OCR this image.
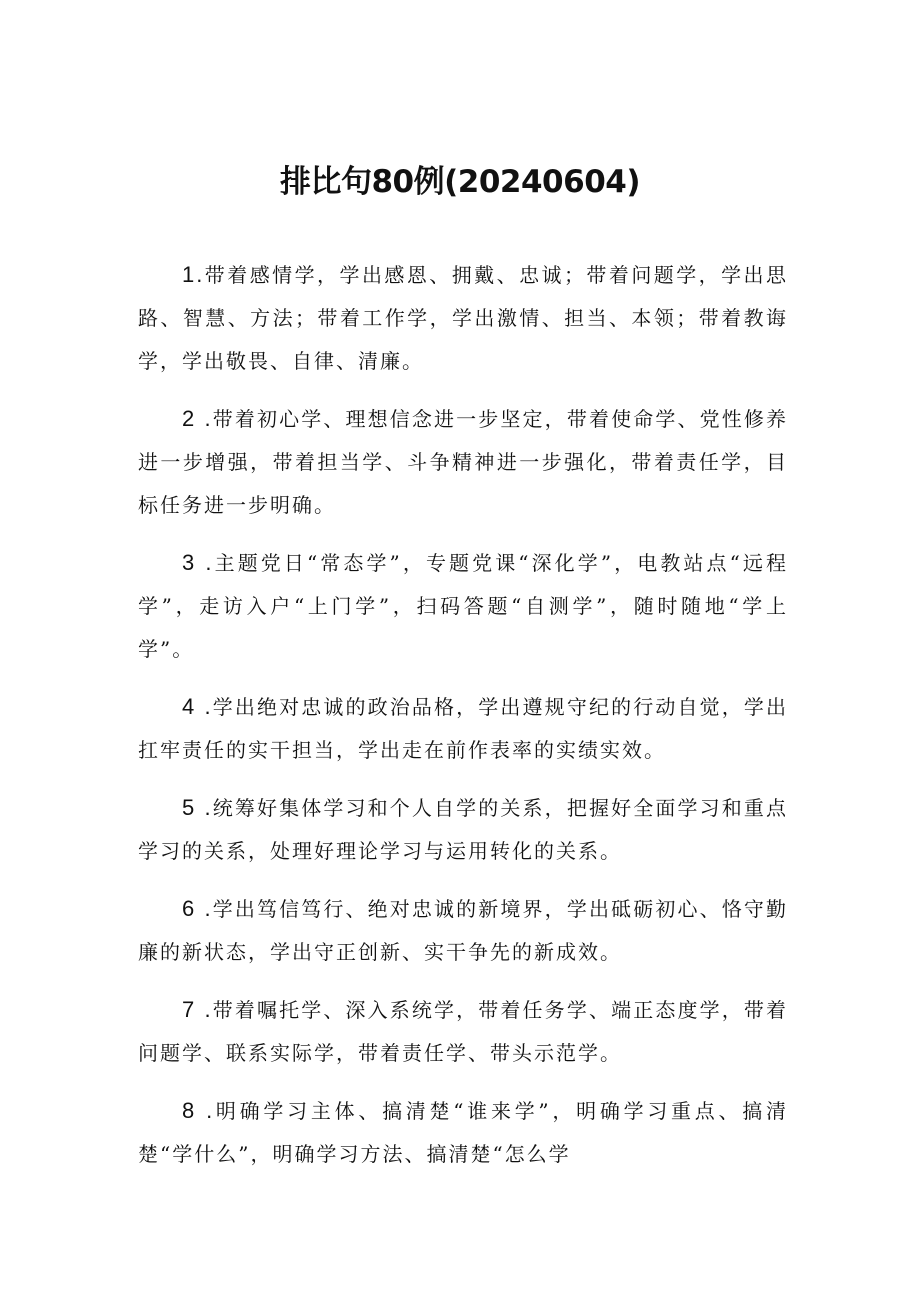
排比句80例(20240604)

1.带着感情学，学出感恩、拥戴、忠诚；带着问题学，学出思路、智慧、方法；带着工作学，学出激情、担当、本领；带着教诲学，学出敬畏、自律、清廉。

2 .带着初心学、理想信念进一步坚定，带着使命学、党性修养进一步增强，带着担当学、斗争精神进一步强化，带着责任学，目标任务进一步明确。

3 .主题党日“常态学”，专题党课“深化学”，电教站点“远程学”，走访入户“上门学”，扫码答题“自测学”，随时随地“学上学”。

4 .学出绝对忠诚的政治品格，学出遵规守纪的行动自觉，学出扛牢责任的实干担当，学出走在前作表率的实绩实效。

5 .统筹好集体学习和个人自学的关系，把握好全面学习和重点学习的关系，处理好理论学习与运用转化的关系。

6 .学出笃信笃行、绝对忠诚的新境界，学出砥砺初心、恪守勤廉的新状态，学出守正创新、实干争先的新成效。

7 .带着嘱托学、深入系统学，带着任务学、端正态度学，带着问题学、联系实际学，带着责任学、带头示范学。

8 .明确学习主体、搞清楚“谁来学”，明确学习重点、搞清楚“学什么”，明确学习方法、搞清楚“怎么学
